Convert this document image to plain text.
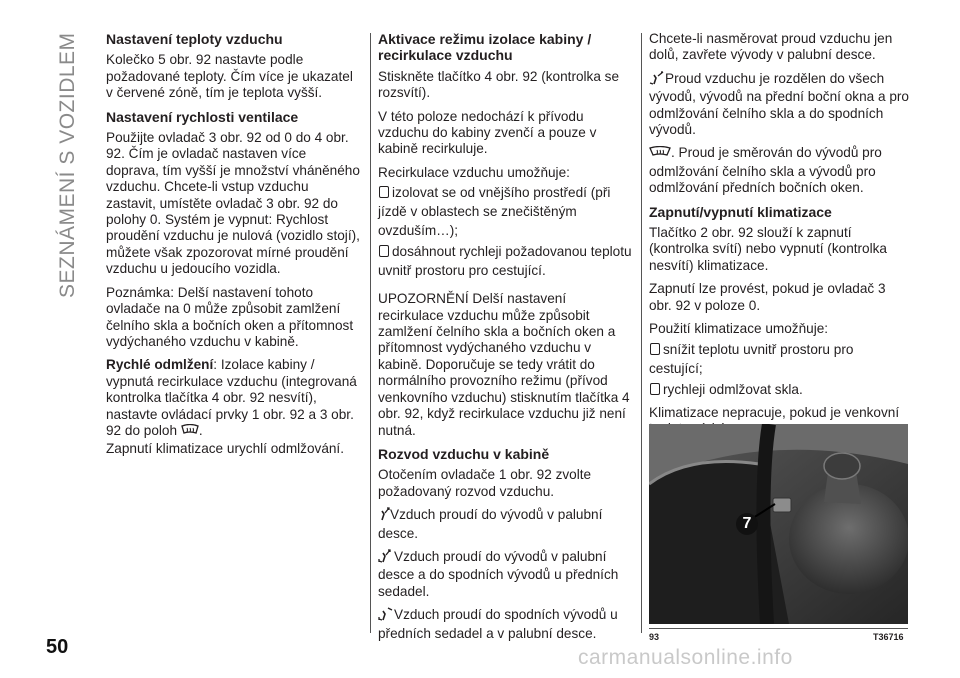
SEZNÁMENÍ S VOZIDLEM
50	carmanualsonline.info
Nastavení teploty vzduchu

Kolečko 5 obr. 92 nastavte podle požadované teploty. Čím více je ukazatel v červené zóně, tím je teplota vyšší.

Nastavení rychlosti ventilace

Použijte ovladač 3 obr. 92 od 0 do 4 obr. 92. Čím je ovladač nastaven více doprava, tím vyšší je množství vháněného vzduchu. Chcete-li vstup vzduchu zastavit, umístěte ovladač 3 obr. 92 do polohy 0. Systém je vypnut: Rychlost proudění vzduchu je nulová (vozidlo stojí), můžete však zpozorovat mírné proudění vzduchu u jedoucího vozidla.

Poznámka: Delší nastavení tohoto ovladače na 0 může způsobit zamlžení čelního skla a bočních oken a přítomnost vydýchaného vzduchu v kabině.

Rychlé odmlžení: Izolace kabiny / vypnutá recirkulace vzduchu (integrovaná kontrolka tlačítka 4 obr. 92 nesvítí), nastavte ovládací prvky 1 obr. 92 a 3 obr. 92 do poloh .
Zapnutí klimatizace urychlí odmlžování.

Aktivace režimu izolace kabiny / recirkulace vzduchu

Stiskněte tlačítko 4 obr. 92 (kontrolka se rozsvítí).

V této poloze nedochází k přívodu vzduchu do kabiny zvenčí a pouze v kabině recirkuluje.

Recirkulace vzduchu umožňuje:

izolovat se od vnějšího prostředí (při jízdě v oblastech se znečištěným ovzduším…);

dosáhnout rychleji požadovanou teplotu uvnitř prostoru pro cestující.

UPOZORNĚNÍ Delší nastavení recirkulace vzduchu může způsobit zamlžení čelního skla a bočních oken a přítomnost vydýchaného vzduchu v kabině. Doporučuje se tedy vrátit do normálního provozního režimu (přívod venkovního vzduchu) stisknutím tlačítka 4 obr. 92, když recirkulace vzduchu již není nutná.

Rozvod vzduchu v kabině

Otočením ovladače 1 obr. 92 zvolte požadovaný rozvod vzduchu.

Vzduch proudí do vývodů v palubní desce.

Vzduch proudí do vývodů v palubní desce a do spodních vývodů u předních sedadel.

Vzduch proudí do spodních vývodů u předních sedadel a v palubní desce.

Chcete-li nasměrovat proud vzduchu jen dolů, zavřete vývody v palubní desce.

Proud vzduchu je rozdělen do všech vývodů, vývodů na přední boční okna a pro odmlžování čelního skla a do spodních vývodů.

. Proud je směrován do vývodů pro odmlžování čelního skla a vývodů pro odmlžování předních bočních oken.

Zapnutí/vypnutí klimatizace

Tlačítko 2 obr. 92 slouží k zapnutí (kontrolka svítí) nebo vypnutí (kontrolka nesvítí) klimatizace.

Zapnutí lze provést, pokud je ovladač 3 obr. 92 v poloze 0.

Použití klimatizace umožňuje:

snížit teplotu uvnitř prostoru pro cestující;

rychleji odmlžovat skla.

Klimatizace nepracuje, pokud je venkovní

7
93	T36716
